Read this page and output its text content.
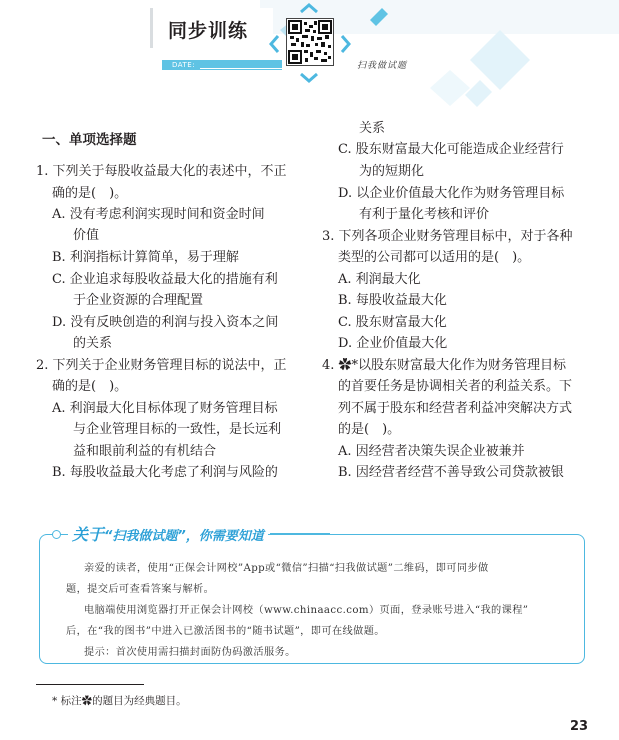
同步训练
DATE:	扫我做试题
一、单项选择题
1. 下列关于每股收益最大化的表述中，不正
确的是(　)。
A. 没有考虑利润实现时间和资金时间
价值
B. 利润指标计算简单，易于理解
C. 企业追求每股收益最大化的措施有利
于企业资源的合理配置
D. 没有反映创造的利润与投入资本之间
的关系
2. 下列关于企业财务管理目标的说法中，正
确的是(　)。
A. 利润最大化目标体现了财务管理目标
与企业管理目标的一致性，是长远利
益和眼前利益的有机结合
B. 每股收益最大化考虑了利润与风险的
关系
C. 股东财富最大化可能造成企业经营行
为的短期化
D. 以企业价值最大化作为财务管理目标
有利于量化考核和评价
3. 下列各项企业财务管理目标中，对于各种
类型的公司都可以适用的是(　)。
A. 利润最大化
B. 每股收益最大化
C. 股东财富最大化
D. 企业价值最大化
4. ✿*以股东财富最大化作为财务管理目标
的首要任务是协调相关者的利益关系。下
列不属于股东和经营者利益冲突解决方式
的是(　)。
A. 因经营者决策失误企业被兼并
B. 因经营者经营不善导致公司贷款被银
关于“扫我做试题”，你需要知道
亲爱的读者，使用“正保会计网校”App或“微信”扫描“扫我做试题”二维码，即可同步做
题，提交后可查看答案与解析。
电脑端使用浏览器打开正保会计网校（www.chinaacc.com）页面，登录账号进入“我的课程”
后，在“我的图书”中进入已激活图书的“随书试题”，即可在线做题。
提示：首次使用需扫描封面防伪码激活服务。
* 标注✿的题目为经典题目。
23
